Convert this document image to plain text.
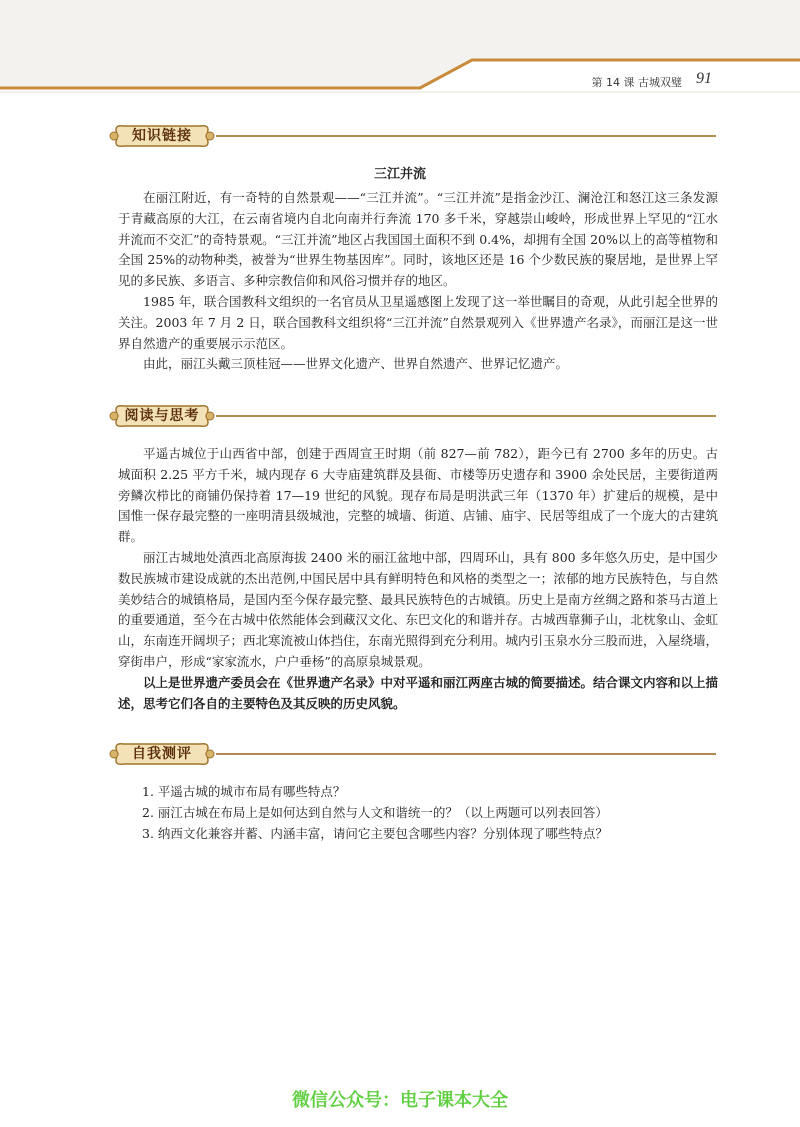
第 14 课 古城双璧 91
知识链接
三江并流

在丽江附近，有一奇特的自然景观——“三江并流”。“三江并流”是指金沙江、澜沧江和怒江这三条发源于青藏高原的大江，在云南省境内自北向南并行奔流 170 多千米，穿越崇山峻岭，形成世界上罕见的“江水并流而不交汇”的奇特景观。“三江并流”地区占我国国土面积不到 0.4%，却拥有全国 20%以上的高等植物和全国 25%的动物种类，被誉为“世界生物基因库”。同时，该地区还是 16 个少数民族的聚居地，是世界上罕见的多民族、多语言、多种宗教信仰和风俗习惯并存的地区。

1985 年，联合国教科文组织的一名官员从卫星遥感图上发现了这一举世瞩目的奇观，从此引起全世界的关注。2003 年 7 月 2 日，联合国教科文组织将“三江并流”自然景观列入《世界遗产名录》，而丽江是这一世界自然遗产的重要展示示范区。

由此，丽江头戴三顶桂冠——世界文化遗产、世界自然遗产、世界记忆遗产。

阅读与思考

平遥古城位于山西省中部，创建于西周宣王时期（前 827—前 782），距今已有 2700 多年的历史。古城面积 2.25 平方千米，城内现存 6 大寺庙建筑群及县衙、市楼等历史遗存和 3900 余处民居，主要街道两旁鳞次栉比的商铺仍保持着 17—19 世纪的风貌。现存布局是明洪武三年（1370 年）扩建后的规模，是中国惟一保存最完整的一座明清县级城池，完整的城墙、街道、店铺、庙宇、民居等组成了一个庞大的古建筑群。

丽江古城地处滇西北高原海拔 2400 米的丽江盆地中部，四周环山，具有 800 多年悠久历史，是中国少数民族城市建设成就的杰出范例,中国民居中具有鲜明特色和风格的类型之一；浓郁的地方民族特色，与自然美妙结合的城镇格局，是国内至今保存最完整、最具民族特色的古城镇。历史上是南方丝绸之路和茶马古道上的重要通道，至今在古城中依然能体会到藏汉文化、东巴文化的和谐并存。古城西靠狮子山，北枕象山、金虹山，东南连开阔坝子；西北寒流被山体挡住，东南光照得到充分利用。城内引玉泉水分三股而进，入屋绕墙，穿街串户，形成“家家流水，户户垂杨”的高原泉城景观。

以上是世界遗产委员会在《世界遗产名录》中对平遥和丽江两座古城的简要描述。结合课文内容和以上描述，思考它们各自的主要特色及其反映的历史风貌。

自我测评
1. 平遥古城的城市布局有哪些特点？
2. 丽江古城在布局上是如何达到自然与人文和谐统一的？（以上两题可以列表回答）
3. 纳西文化兼容并蓄、内涵丰富，请问它主要包含哪些内容？分别体现了哪些特点？
微信公众号：电子课本大全
